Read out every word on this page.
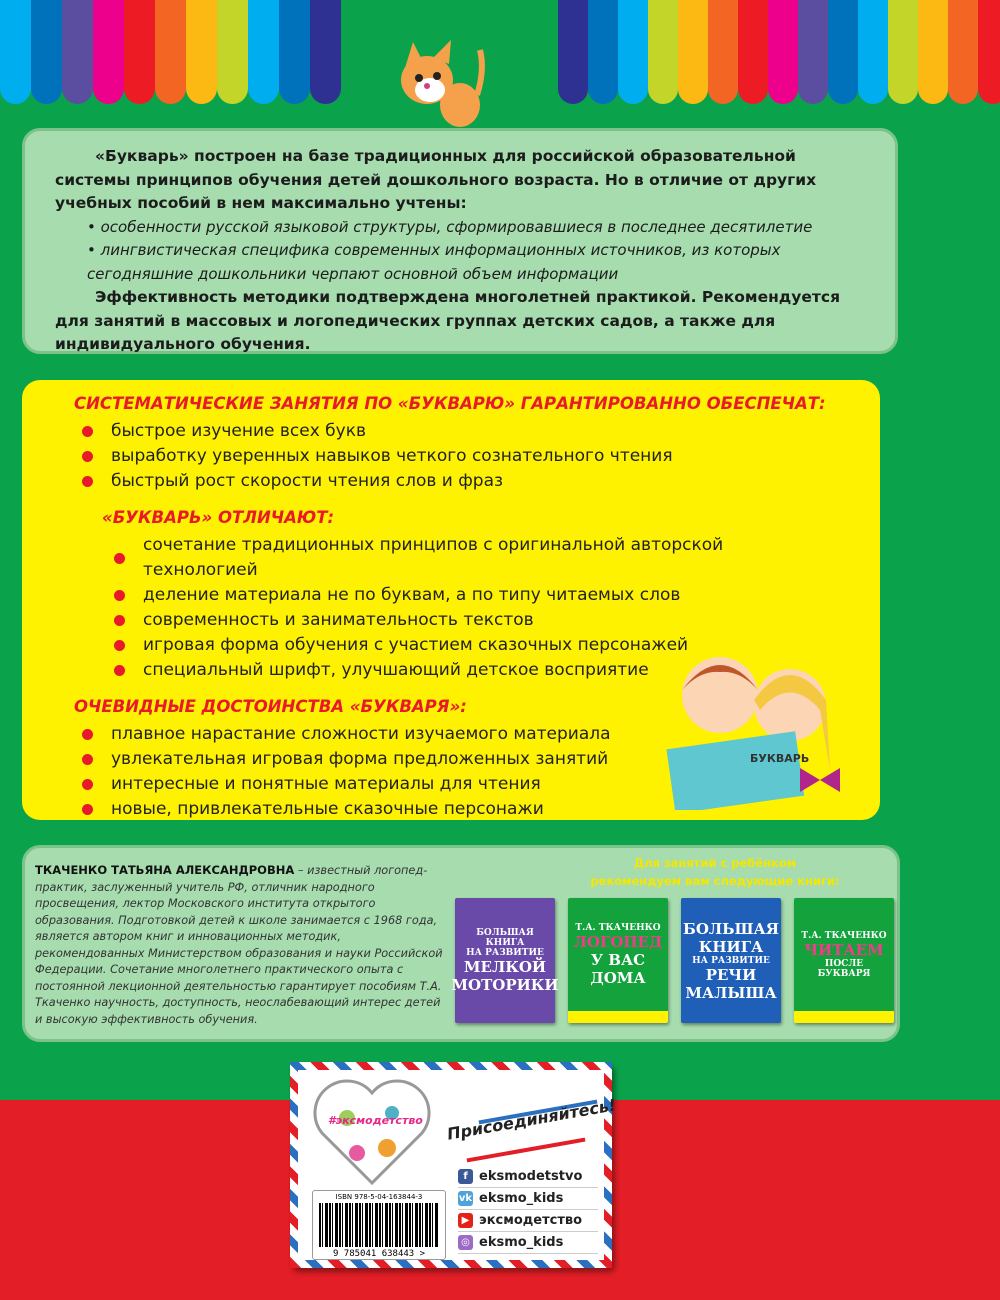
«Букварь» построен на базе традиционных для российской образовательной системы принципов обучения детей дошкольного возраста. Но в отличие от других учебных пособий в нем максимально учтены:

• особенности русской языковой структуры, сформировавшиеся в последнее десятилетие

• лингвистическая специфика современных информационных источников, из которых сегодняшние дошкольники черпают основной объем информации

Эффективность методики подтверждена многолетней практикой. Рекомендуется для занятий в массовых и логопедических группах детских садов, а также для индивидуального обучения.

СИСТЕМАТИЧЕСКИЕ ЗАНЯТИЯ ПО «БУКВАРЮ» ГАРАНТИРОВАННО ОБЕСПЕЧАТ:
быстрое изучение всех букв
выработку уверенных навыков четкого сознательного чтения
быстрый рост скорости чтения слов и фраз
«БУКВАРЬ» ОТЛИЧАЮТ:
сочетание традиционных принципов с оригинальной авторской технологией
деление материала не по буквам, а по типу читаемых слов
современность и занимательность текстов
игровая форма обучения с участием сказочных персонажей
специальный шрифт, улучшающий детское восприятие
ОЧЕВИДНЫЕ ДОСТОИНСТВА «БУКВАРЯ»:
плавное нарастание сложности изучаемого материала
увлекательная игровая форма предложенных занятий
интересные и понятные материалы для чтения
новые, привлекательные сказочные персонажи
БУКВАРЬ
ТКАЧЕНКО ТАТЬЯНА АЛЕКСАНДРОВНА – известный логопед-практик, заслуженный учитель РФ, отличник народного просвещения, лектор Московского института открытого образования. Подготовкой детей к школе занимается с 1968 года, является автором книг и инновационных методик, рекомендованных Министерством образования и науки Российской Федерации. Сочетание многолетнего практического опыта с постоянной лекционной деятельностью гарантирует пособиям Т.А. Ткаченко научность, доступность, неослабевающий интерес детей и высокую эффективность обучения.
Для занятий с ребёнком
рекомендуем вам следующие книги:
БОЛЬШАЯ КНИГА
НА РАЗВИТИЕ
МЕЛКОЙ
МОТОРИКИ
Т.А. ТКАЧЕНКО
ЛОГОПЕД
У ВАС ДОМА
БОЛЬШАЯ
КНИГА
НА РАЗВИТИЕ
РЕЧИ
МАЛЫША
Т.А. ТКАЧЕНКО
ЧИТАЕМ
ПОСЛЕ БУКВАРЯ
#эксмодетство Присоединяйтесь!
f eksmodetstvo
vk eksmo_kids
▶ эксмодетство
◎ eksmo_kids
ISBN 978-5-04-163844-3
9 785041 638443 >
